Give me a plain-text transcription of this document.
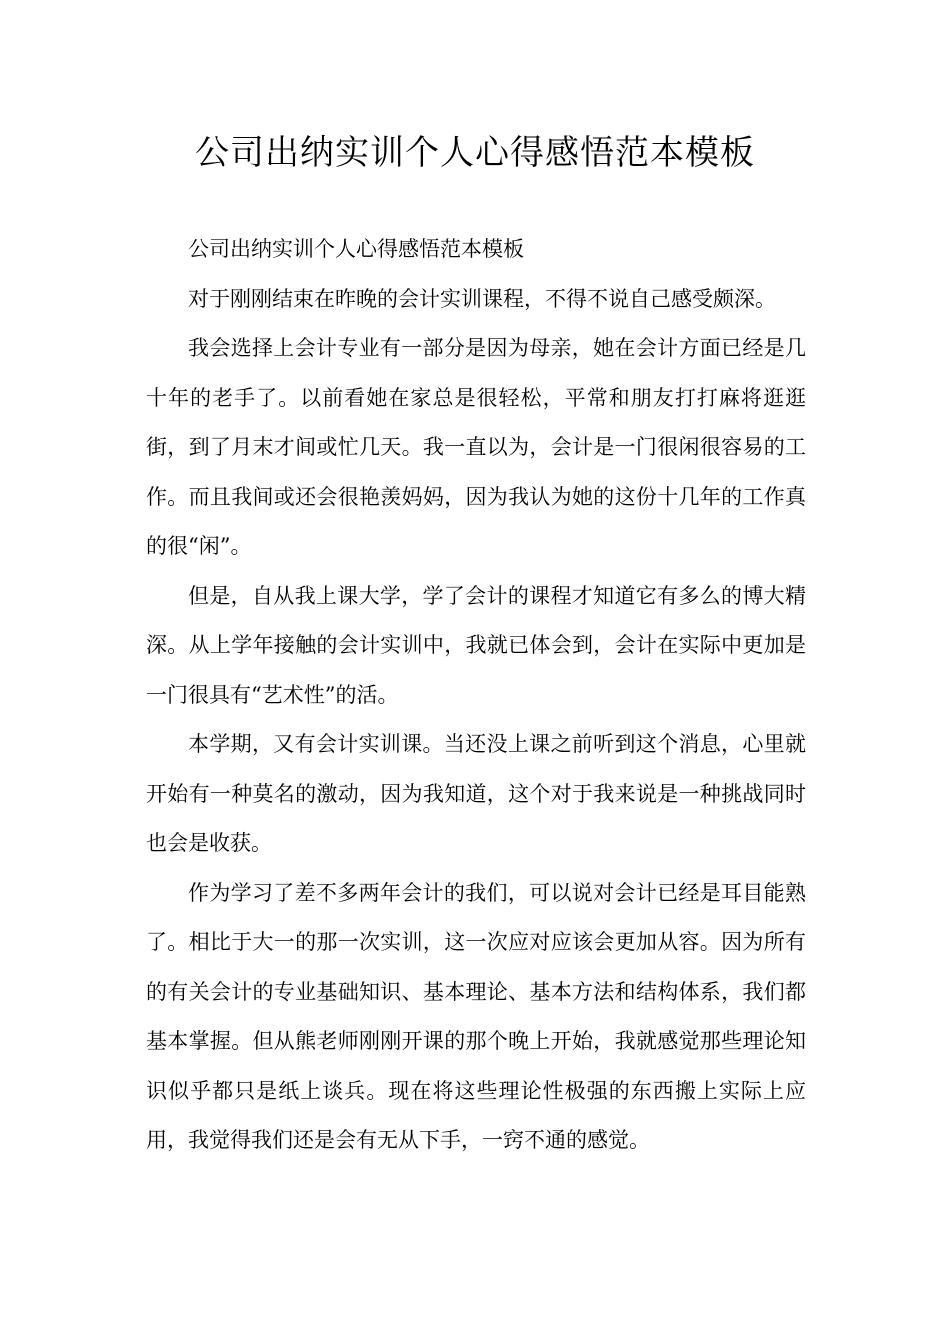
公司出纳实训个人心得感悟范本模板

公司出纳实训个人心得感悟范本模板

对于刚刚结束在昨晚的会计实训课程，不得不说自己感受颇深。

我会选择上会计专业有一部分是因为母亲，她在会计方面已经是几十年的老手了。以前看她在家总是很轻松，平常和朋友打打麻将逛逛街，到了月末才间或忙几天。我一直以为，会计是一门很闲很容易的工作。而且我间或还会很艳羡妈妈，因为我认为她的这份十几年的工作真的很“闲”。

但是，自从我上课大学，学了会计的课程才知道它有多么的博大精深。从上学年接触的会计实训中，我就已体会到，会计在实际中更加是一门很具有“艺术性”的活。

本学期，又有会计实训课。当还没上课之前听到这个消息，心里就开始有一种莫名的激动，因为我知道，这个对于我来说是一种挑战同时也会是收获。

作为学习了差不多两年会计的我们，可以说对会计已经是耳目能熟了。相比于大一的那一次实训，这一次应对应该会更加从容。因为所有的有关会计的专业基础知识、基本理论、基本方法和结构体系，我们都基本掌握。但从熊老师刚刚开课的那个晚上开始，我就感觉那些理论知识似乎都只是纸上谈兵。现在将这些理论性极强的东西搬上实际上应用，我觉得我们还是会有无从下手，一窍不通的感觉。
